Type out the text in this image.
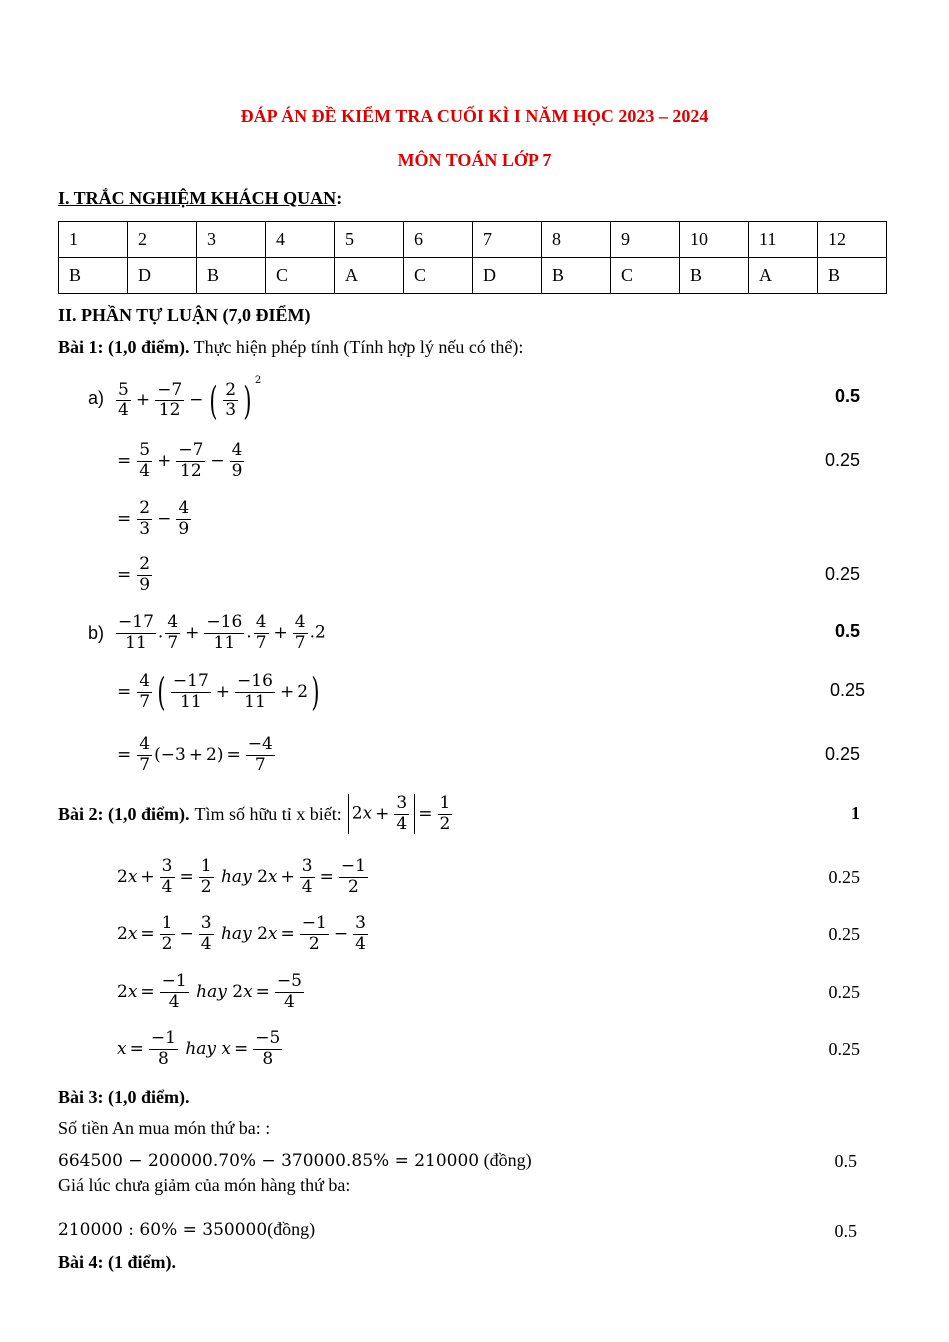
ĐÁP ÁN ĐỀ KIỂM TRA CUỐI KÌ I NĂM HỌC 2023 – 2024
MÔN TOÁN LỚP 7
I. TRẮC NGHIỆM KHÁCH QUAN:
1	2	3	4	5	6	7	8	9	10	11	12
B	D	B	C	A	C	D	B	C	B	A	B
II. PHẦN TỰ LUẬN (7,0 ĐIỂM)
Bài 1: (1,0 điểm). Thực hiện phép tính (Tính hợp lý nếu có thể):
$a) \frac{5}{4} + \frac{-7}{12}$ − ( $\frac{2}{3}$ ) $^2$
0.5
= $\frac{5}{4} + \frac{-7}{12} - \frac{4}{9}$	0.25
= $\frac{2}{3} - \frac{4}{9}$
= $\frac{2}{9}$	0.25
$b) \frac{-17}{11}$ . $\frac{4}{7} + \frac{-16}{11}$ . $\frac{4}{7} + \frac{4}{7} .2$	0.5
= $\frac{4}{7}$ ( $\frac{-17}{11} + \frac{-16}{11} + 2$ )	0.25
= $\frac{4}{7} (-3 + 2) = \frac{-4}{7}$	0.25
Bài 2: (1,0 điểm). Tìm số hữu tỉ x biết: $2x + \frac{3}{4} = \frac{1}{2}$	1
2 $x + \frac{3}{4} = \frac{1}{2}$
hay 2 $x + \frac{3}{4} = \frac{-1}{2}$	0.25
2 $x = \frac{1}{2} - \frac{3}{4}$
hay 2 $x = \frac{-1}{2} - \frac{3}{4}$	0.25
2 $x = \frac{-1}{4}$
hay 2 $x = \frac{-5}{4}$	0.25
$x = \frac{-1}{8}$
hay
$x = \frac{-5}{8}$	0.25
Bài 3: (1,0 điểm).
Số tiền An mua món thứ ba: :
664500 − 200000.70% − 370000.85% = 210000 (đồng)	0.5
Giá lúc chưa giảm của món hàng thứ ba:
210000 : 60% = 350000(đồng)	0.5
Bài 4: (1 điểm).
